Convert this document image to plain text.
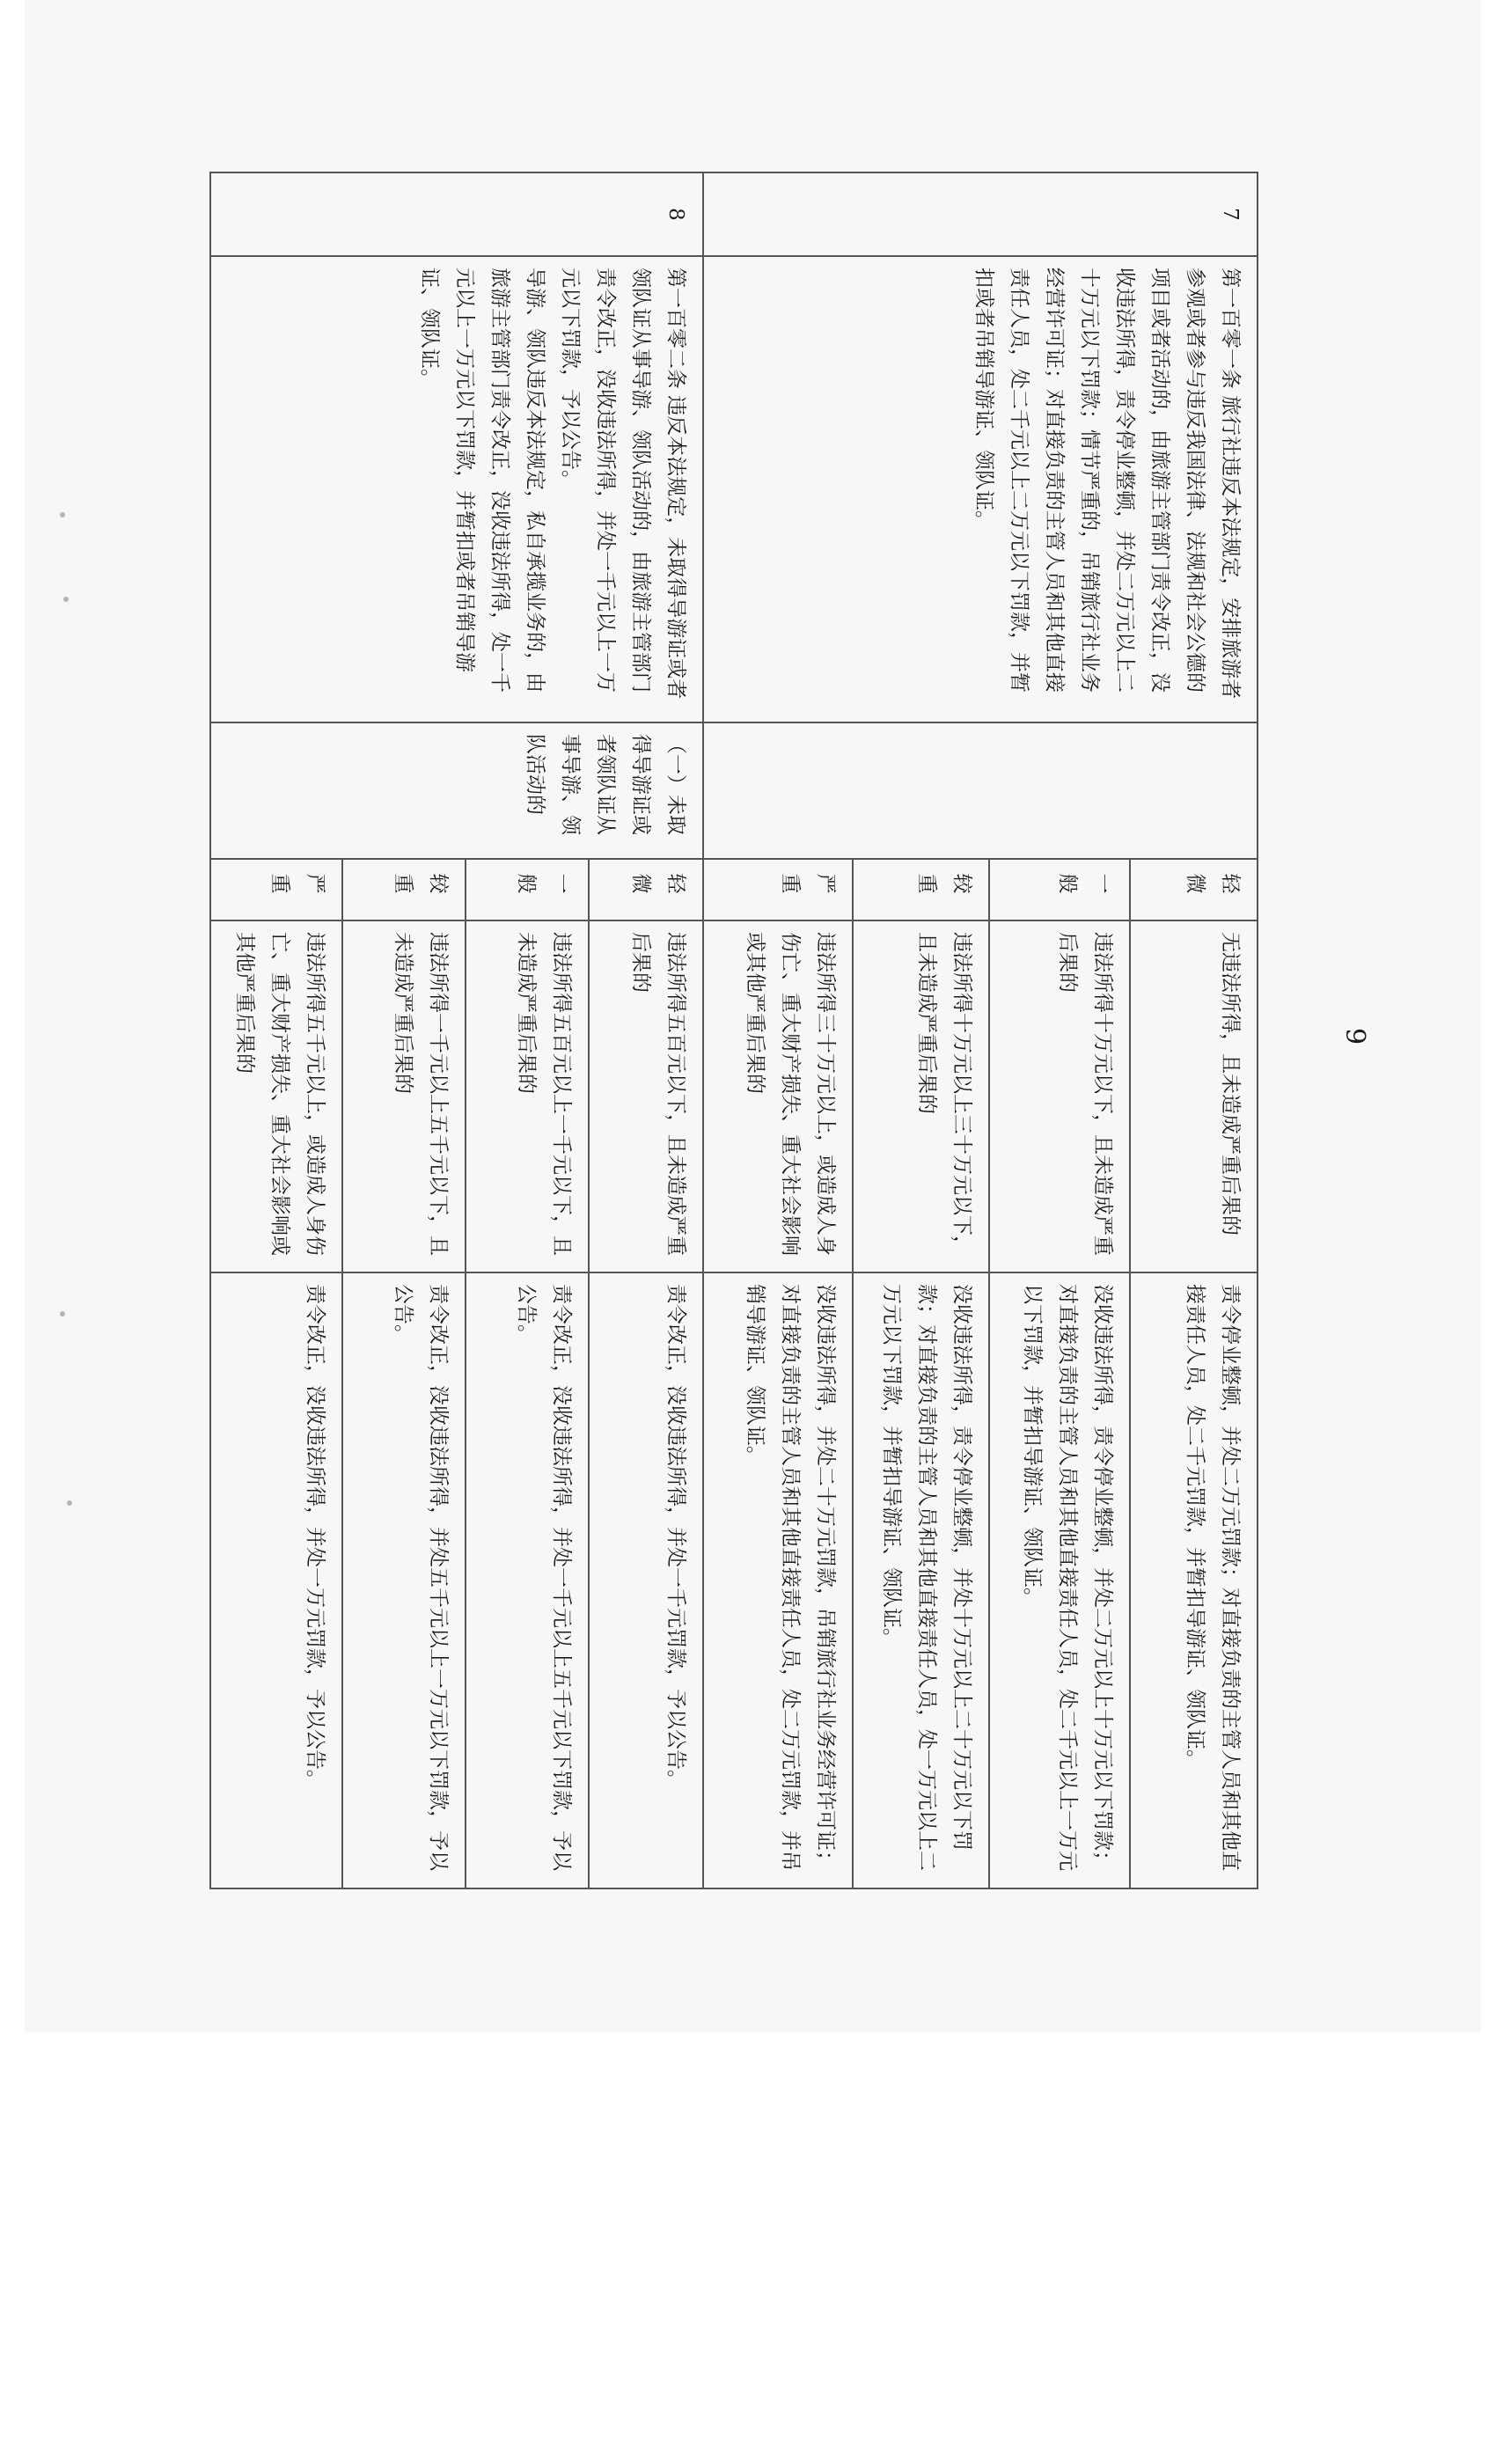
7	第一百零一条 旅行社违反本法规定，安排旅游者参观或者参与违反我国法律、法规和社会公德的项目或者活动的，由旅游主管部门责令改正，没收违法所得，责令停业整顿，并处二万元以上二十万元以下罚款；情节严重的，吊销旅行社业务经营许可证；对直接负责的主管人员和其他直接责任人员，处二千元以上二万元以下罚款，并暂扣或者吊销导游证、领队证。		轻微	无违法所得，且未造成严重后果的	责令停业整顿，并处二万元罚款；对直接负责的主管人员和其他直接责任人员，处二千元罚款，并暂扣导游证、领队证。
			一般	违法所得十万元以下，且未造成严重后果的	没收违法所得，责令停业整顿，并处二万元以上十万元以下罚款；对直接负责的主管人员和其他直接责任人员，处二千元以上一万元以下罚款，并暂扣导游证、领队证。
			较重	违法所得十万元以上三十万元以下，且未造成严重后果的	没收违法所得，责令停业整顿，并处十万元以上二十万元以下罚款；对直接负责的主管人员和其他直接责任人员，处一万元以上二万元以下罚款，并暂扣导游证、领队证。
			严重	违法所得三十万元以上，或造成人身伤亡、重大财产损失、重大社会影响或其他严重后果的	没收违法所得，并处二十万元罚款，吊销旅行社业务经营许可证；对直接负责的主管人员和其他直接责任人员，处二万元罚款，并吊销导游证、领队证。
8	第一百零二条 违反本法规定，未取得导游证或者领队证从事导游、领队活动的，由旅游主管部门责令改正，没收违法所得，并处一千元以上一万元以下罚款，予以公告。
导游、领队违反本法规定，私自承揽业务的，由旅游主管部门责令改正，没收违法所得，处一千元以上一万元以下罚款，并暂扣或者吊销导游证、领队证。	（一）未取得导游证或者领队证从事导游、领队活动的	轻微	违法所得五百元以下，且未造成严重后果的	责令改正，没收违法所得，并处一千元罚款，予以公告。
			一般	违法所得五百元以上一千元以下，且未造成严重后果的	责令改正，没收违法所得，并处一千元以上五千元以下罚款，予以公告。
			较重	违法所得一千元以上五千元以下，且未造成严重后果的	责令改正，没收违法所得，并处五千元以上一万元以下罚款，予以公告。
			严重	违法所得五千元以上，或造成人身伤亡、重大财产损失、重大社会影响或其他严重后果的	责令改正，没收违法所得，并处一万元罚款，予以公告。
9
